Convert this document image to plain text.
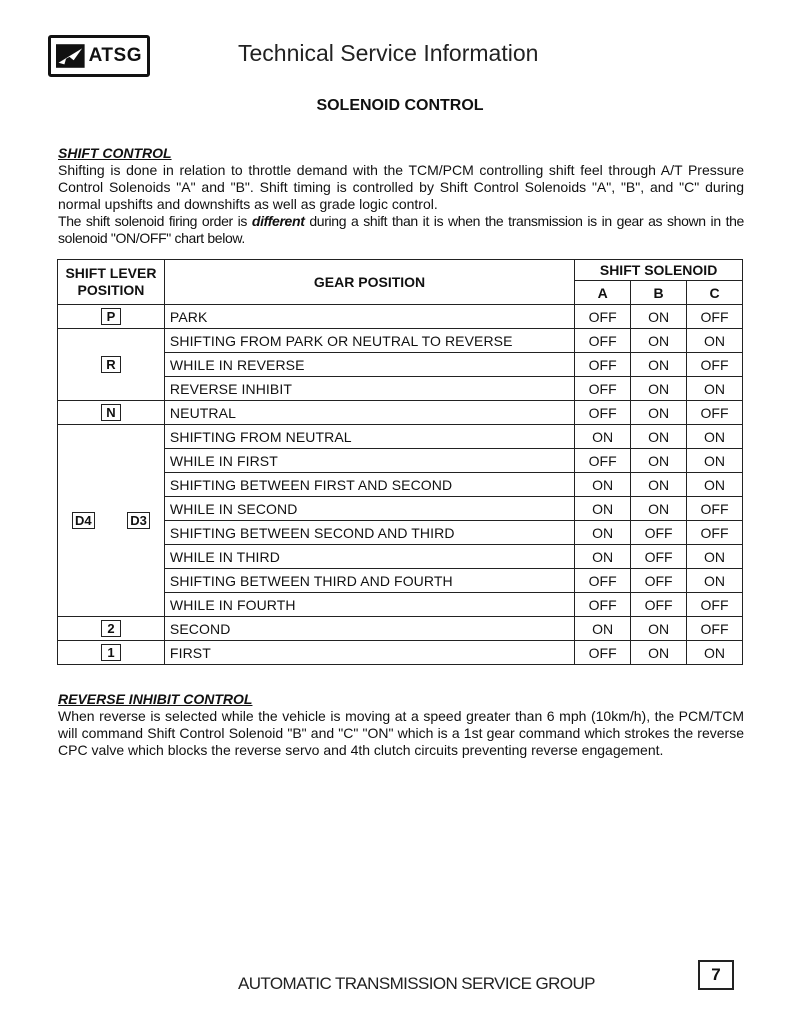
ATSG	Technical Service Information
SOLENOID CONTROL
SHIFT CONTROL
Shifting is done in relation to throttle demand with the TCM/PCM controlling shift feel through A/T Pressure Control Solenoids "A" and "B". Shift timing is controlled by Shift Control Solenoids "A", "B", and "C" during normal upshifts and downshifts as well as grade logic control.
The shift solenoid firing order is different during a shift than it is when the transmission is in gear as shown in the solenoid "ON/OFF" chart below.
SHIFT LEVER
POSITION	GEAR POSITION	SHIFT SOLENOID		
		A	B	C
P	PARK	OFF	ON	OFF
R	SHIFTING FROM PARK OR NEUTRAL TO REVERSE	OFF	ON	ON
	WHILE IN REVERSE	OFF	ON	OFF
	REVERSE INHIBIT	OFF	ON	ON
N	NEUTRAL	OFF	ON	OFF

D4 D3	SHIFTING FROM NEUTRAL	ON	ON	ON
	WHILE IN FIRST	OFF	ON	ON
	SHIFTING BETWEEN FIRST AND SECOND	ON	ON	ON
	WHILE IN SECOND	ON	ON	OFF
	SHIFTING BETWEEN SECOND AND THIRD	ON	OFF	OFF
	WHILE IN THIRD	ON	OFF	ON
	SHIFTING BETWEEN THIRD AND FOURTH	OFF	OFF	ON
	WHILE IN FOURTH	OFF	OFF	OFF
2	SECOND	ON	ON	OFF
1	FIRST	OFF	ON	ON
REVERSE INHIBIT CONTROL
When reverse is selected while the vehicle is moving at a speed greater than 6 mph (10km/h), the PCM/TCM will command Shift Control Solenoid "B" and "C" "ON" which is a 1st gear command which strokes the reverse CPC valve which blocks the reverse servo and 4th clutch circuits preventing reverse engagement.
AUTOMATIC TRANSMISSION SERVICE GROUP	7
